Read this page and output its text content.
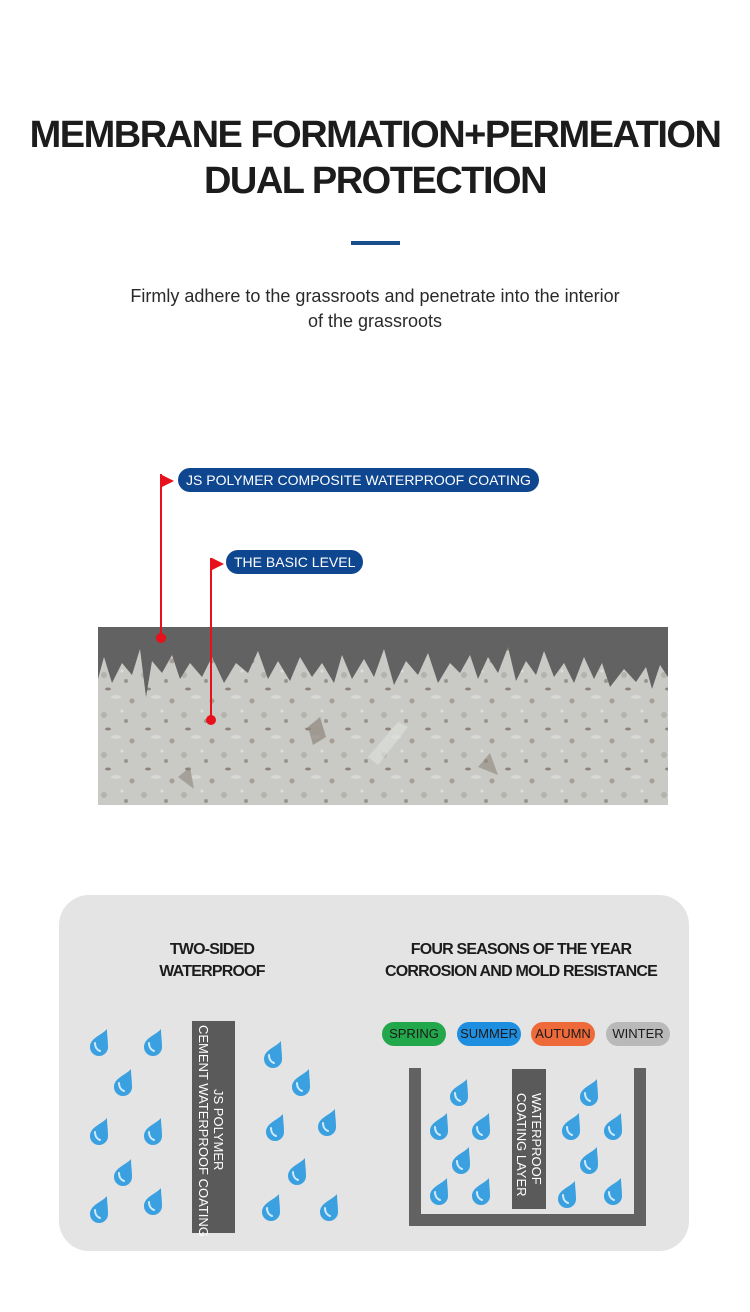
MEMBRANE FORMATION+PERMEATION
DUAL PROTECTION

Firmly adhere to the grassroots and penetrate into the interior
of the grassroots

JS POLYMER COMPOSITE WATERPROOF COATING
THE BASIC LEVEL
TWO-SIDED
WATERPROOF
JS POLYMER
CEMENT WATERPROOF COATING
FOUR SEASONS OF THE YEAR
CORROSION AND MOLD RESISTANCE
SPRING	SUMMER	AUTUMN	WINTER
WATERPROOF
COATING LAYER
